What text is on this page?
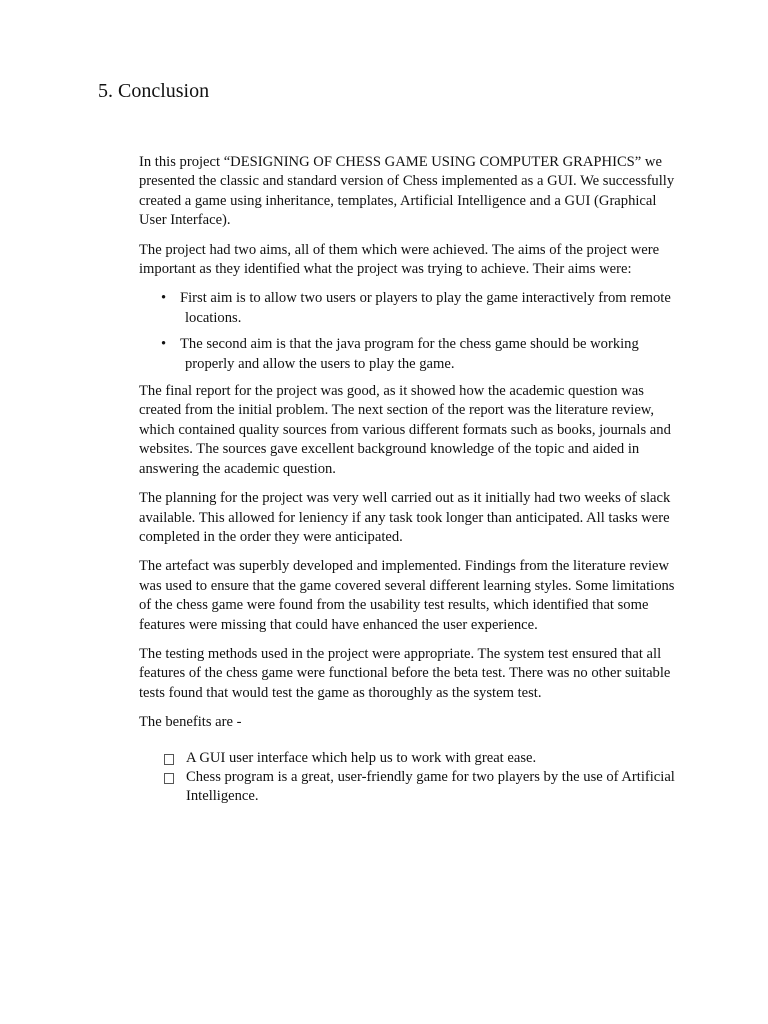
5. Conclusion

In this project “DESIGNING OF CHESS GAME USING COMPUTER GRAPHICS” we presented the classic and standard version of Chess implemented as a GUI. We successfully created a game using inheritance, templates, Artificial Intelligence and a GUI (Graphical User Interface).

The project had two aims, all of them which were achieved. The aims of the project were important as they identified what the project was trying to achieve. Their aims were:

• First aim is to allow two users or players to play the game interactively from remote locations.
• The second aim is that the java program for the chess game should be working properly and allow the users to play the game.

The final report for the project was good, as it showed how the academic question was created from the initial problem. The next section of the report was the literature review, which contained quality sources from various different formats such as books, journals and websites. The sources gave excellent background knowledge of the topic and aided in answering the academic question.

The planning for the project was very well carried out as it initially had two weeks of slack available. This allowed for leniency if any task took longer than anticipated. All tasks were completed in the order they were anticipated.

The artefact was superbly developed and implemented. Findings from the literature review was used to ensure that the game covered several different learning styles. Some limitations of the chess game were found from the usability test results, which identified that some features were missing that could have enhanced the user experience.

The testing methods used in the project were appropriate. The system test ensured that all features of the chess game were functional before the beta test. There was no other suitable tests found that would test the game as thoroughly as the system test.

The benefits are -

A GUI user interface which help us to work with great ease.
Chess program is a great, user-friendly game for two players by the use of Artificial Intelligence.
